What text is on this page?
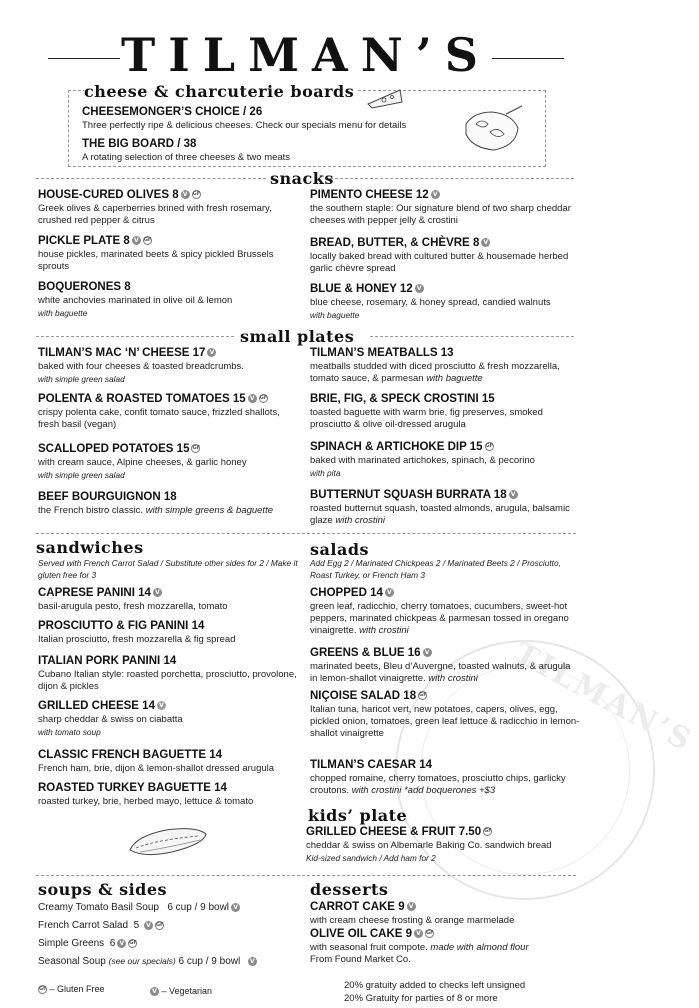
TILMAN’S
TILMAN’S
cheese & charcuterie boards
CHEESEMONGER’S CHOICE / 26
Three perfectly ripe & delicious cheeses. Check our specials menu for details
THE BIG BOARD / 38
A rotating selection of three cheeses & two meats
snacks
HOUSE-CURED OLIVES 8 V GF
Greek olives & caperberries brined with fresh rosemary, crushed red pepper & citrus
PICKLE PLATE 8 V GF
house pickles, marinated beets & spicy pickled Brussels sprouts
BOQUERONES 8
white anchovies marinated in olive oil & lemon
with baguette
PIMENTO CHEESE 12 V
the southern staple: Our signature blend of two sharp cheddar cheeses with pepper jelly & crostini
BREAD, BUTTER, & CHÈVRE 8 V
locally baked bread with cultured butter & housemade herbed garlic chèvre spread
BLUE & HONEY 12 V
blue cheese, rosemary, & honey spread, candied walnuts
with baguette
small plates
TILMAN’S MAC ‘N’ CHEESE 17 V
baked with four cheeses & toasted breadcrumbs.
with simple green salad
POLENTA & ROASTED TOMATOES 15 V GF
crispy polenta cake, confit tomato sauce, frizzled shallots, fresh basil (vegan)
SCALLOPED POTATOES 15 GF
with cream sauce, Alpine cheeses, & garlic honey
with simple green salad
BEEF BOURGUIGNON 18
the French bistro classic. with simple greens & baguette
TILMAN’S MEATBALLS 13
meatballs studded with diced prosciutto & fresh mozzarella, tomato sauce, & parmesan with baguette
BRIE, FIG, & SPECK CROSTINI 15
toasted baguette with warm brie, fig preserves, smoked prosciutto & olive oil-dressed arugula
SPINACH & ARTICHOKE DIP 15 GF
baked with marinated artichokes, spinach, & pecorino
with pita
BUTTERNUT SQUASH BURRATA 18 V
roasted butternut squash, toasted almonds, arugula, balsamic glaze with crostini
sandwiches
Served with French Carrot Salad / Substitute other sides for 2 / Make it gluten free for 3
CAPRESE PANINI 14 V
basil-arugula pesto, fresh mozzarella, tomato
PROSCIUTTO & FIG PANINI 14
Italian prosciutto, fresh mozzarella & fig spread
ITALIAN PORK PANINI 14
Cubano Italian style: roasted porchetta, prosciutto, provolone, dijon & pickles
GRILLED CHEESE 14 V
sharp cheddar & swiss on ciabatta
with tomato soup
CLASSIC FRENCH BAGUETTE 14
French ham, brie, dijon & lemon-shallot dressed arugula
ROASTED TURKEY BAGUETTE 14
roasted turkey, brie, herbed mayo, lettuce & tomato
salads
Add Egg 2 / Marinated Chickpeas 2 / Marinated Beets 2 / Prosciutto, Roast Turkey, or French Ham 3
CHOPPED 14 V
green leaf, radicchio, cherry tomatoes, cucumbers, sweet-hot peppers, marinated chickpeas & parmesan tossed in oregano vinaigrette. with crostini
GREENS & BLUE 16 V
marinated beets, Bleu d’Auvergne, toasted walnuts, & arugula in lemon-shallot vinaigrette. with crostini
NIÇOISE SALAD 18 GF
Italian tuna, haricot vert, new potatoes, capers, olives, egg, pickled onion, tomatoes, green leaf lettuce & radicchio in lemon-shallot vinaigrette
TILMAN’S CAESAR 14
chopped romaine, cherry tomatoes, prosciutto chips, garlicky croutons. with crostini *add boquerones +$3
kids’ plate
GRILLED CHEESE & FRUIT 7.50 GF
cheddar & swiss on Albemarle Baking Co. sandwich bread
Kid-sized sandwich / Add ham for 2
soups & sides
Creamy Tomato Basil Soup 6 cup / 9 bowl V
French Carrot Salad 5 V GF
Simple Greens 6 V GF
Seasonal Soup (see our specials) 6 cup / 9 bowl V
desserts
CARROT CAKE 9 V
with cream cheese frosting & orange marmelade
OLIVE OIL CAKE 9 V GF
with seasonal fruit compote. made with almond flour
From Found Market Co.
GF – Gluten Free	V – Vegetarian	20% gratuity added to checks left unsigned
20% Gratuity for parties of 8 or more
